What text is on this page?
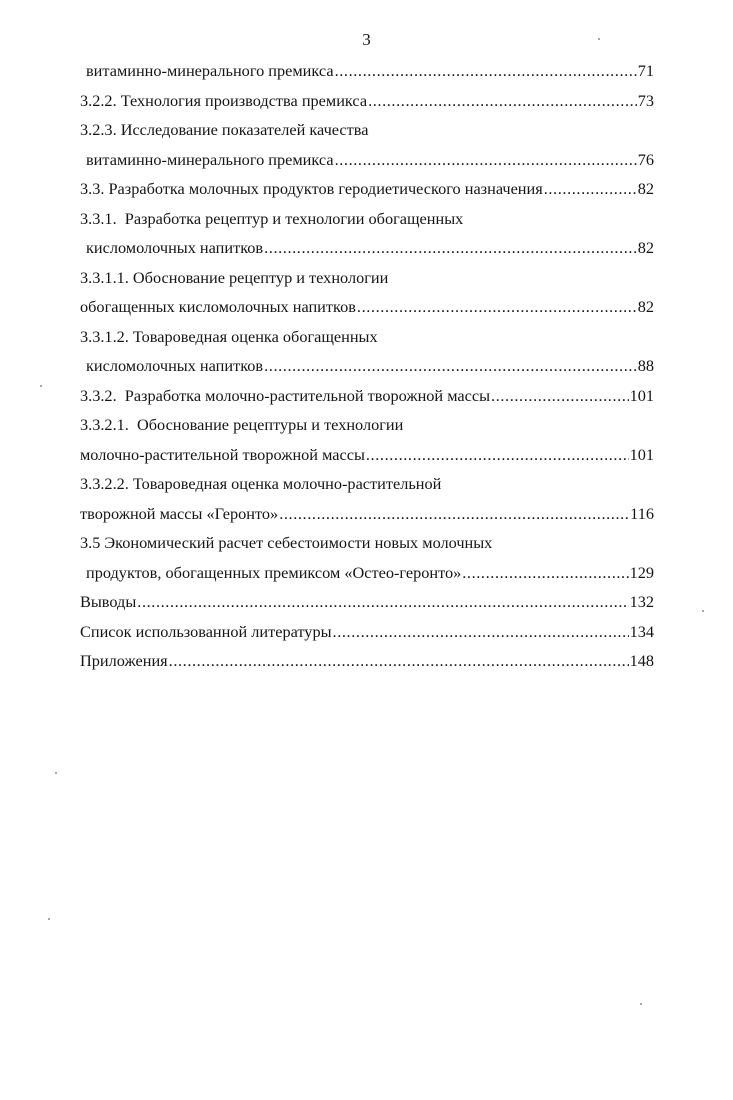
3
витаминно-минерального премикса .....	71
3.2.2. Технология производства премикса .....	73
3.2.3. Исследование показателей качества
витаминно-минерального премикса .....	76
3.3. Разработка молочных продуктов геродиетического назначения .....	82
3.3.1.  Разработка рецептур и технологии обогащенных
кисломолочных напитков .....	82
3.3.1.1. Обоснование рецептур и технологии
обогащенных кисломолочных напитков .....	82
3.3.1.2. Товароведная оценка обогащенных
кисломолочных напитков .....	88
3.3.2.  Разработка молочно-растительной творожной массы .....	101
3.3.2.1.  Обоснование рецептуры и технологии
молочно-растительной творожной массы .....	101
3.3.2.2. Товароведная оценка молочно-растительной
творожной массы «Геронто» .....	116
3.5 Экономический расчет себестоимости новых молочных
продуктов, обогащенных премиксом «Остео-геронто» .....	129
Выводы .....	132
Список использованной литературы .....	134
Приложения .....	148
